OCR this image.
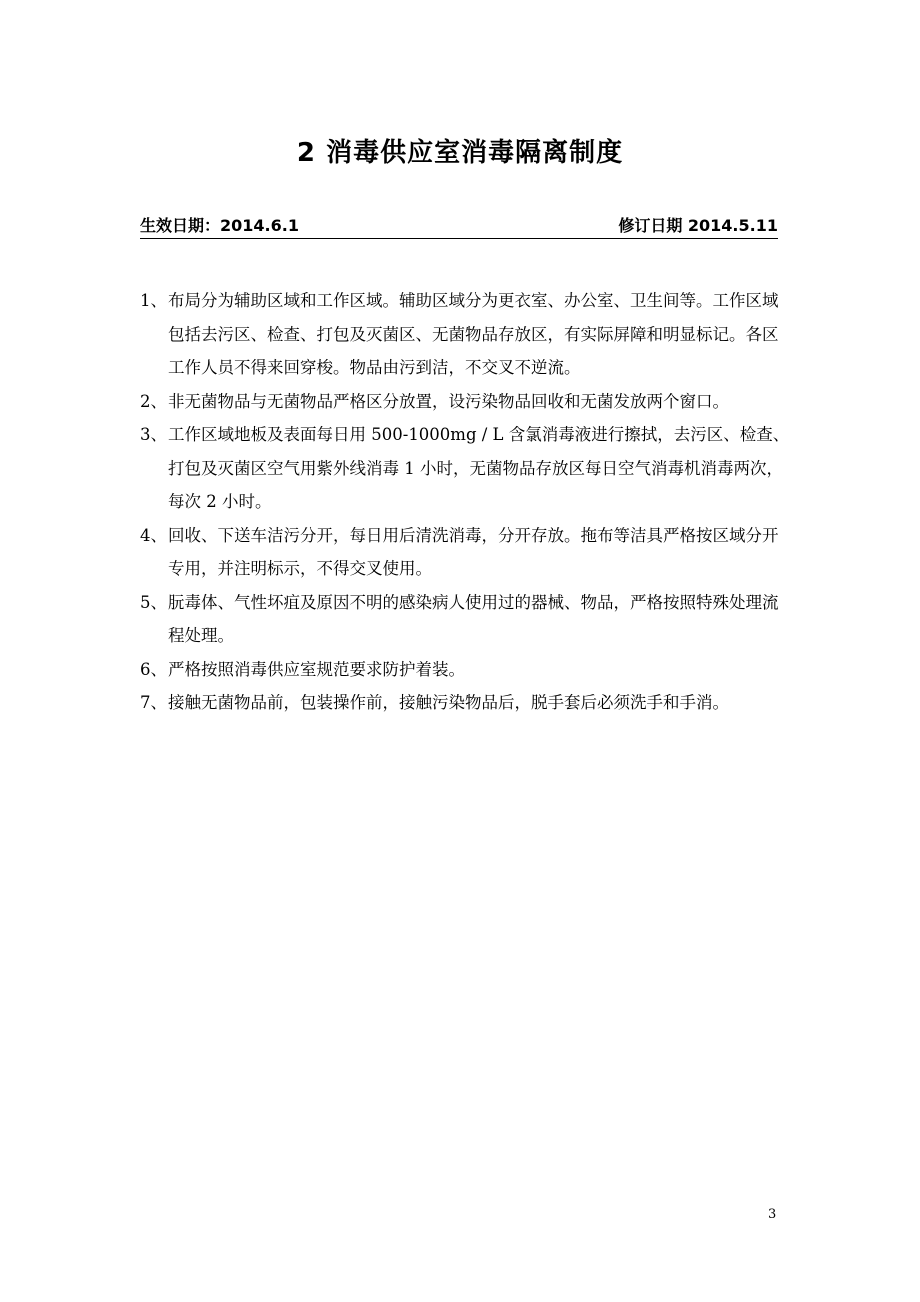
2 消毒供应室消毒隔离制度
生效日期：2014.6.1	修订日期 2014.5.11
1、 布局分为辅助区域和工作区域。辅助区域分为更衣室、办公室、卫生间等。工作区域包括去污区、检查、打包及灭菌区、无菌物品存放区，有实际屏障和明显标记。各区工作人员不得来回穿梭。物品由污到洁，不交叉不逆流。
2、 非无菌物品与无菌物品严格区分放置，设污染物品回收和无菌发放两个窗口。
3、 工作区域地板及表面每日用 500-1000mg / L 含氯消毒液进行擦拭，去污区、检查、打包及灭菌区空气用紫外线消毒 1 小时，无菌物品存放区每日空气消毒机消毒两次，每次 2 小时。
4、 回收、下送车洁污分开，每日用后清洗消毒，分开存放。拖布等洁具严格按区域分开专用，并注明标示，不得交叉使用。
5、 朊毒体、气性坏疽及原因不明的感染病人使用过的器械、物品，严格按照特殊处理流程处理。
6、 严格按照消毒供应室规范要求防护着装。
7、 接触无菌物品前，包装操作前，接触污染物品后，脱手套后必须洗手和手消。
3
